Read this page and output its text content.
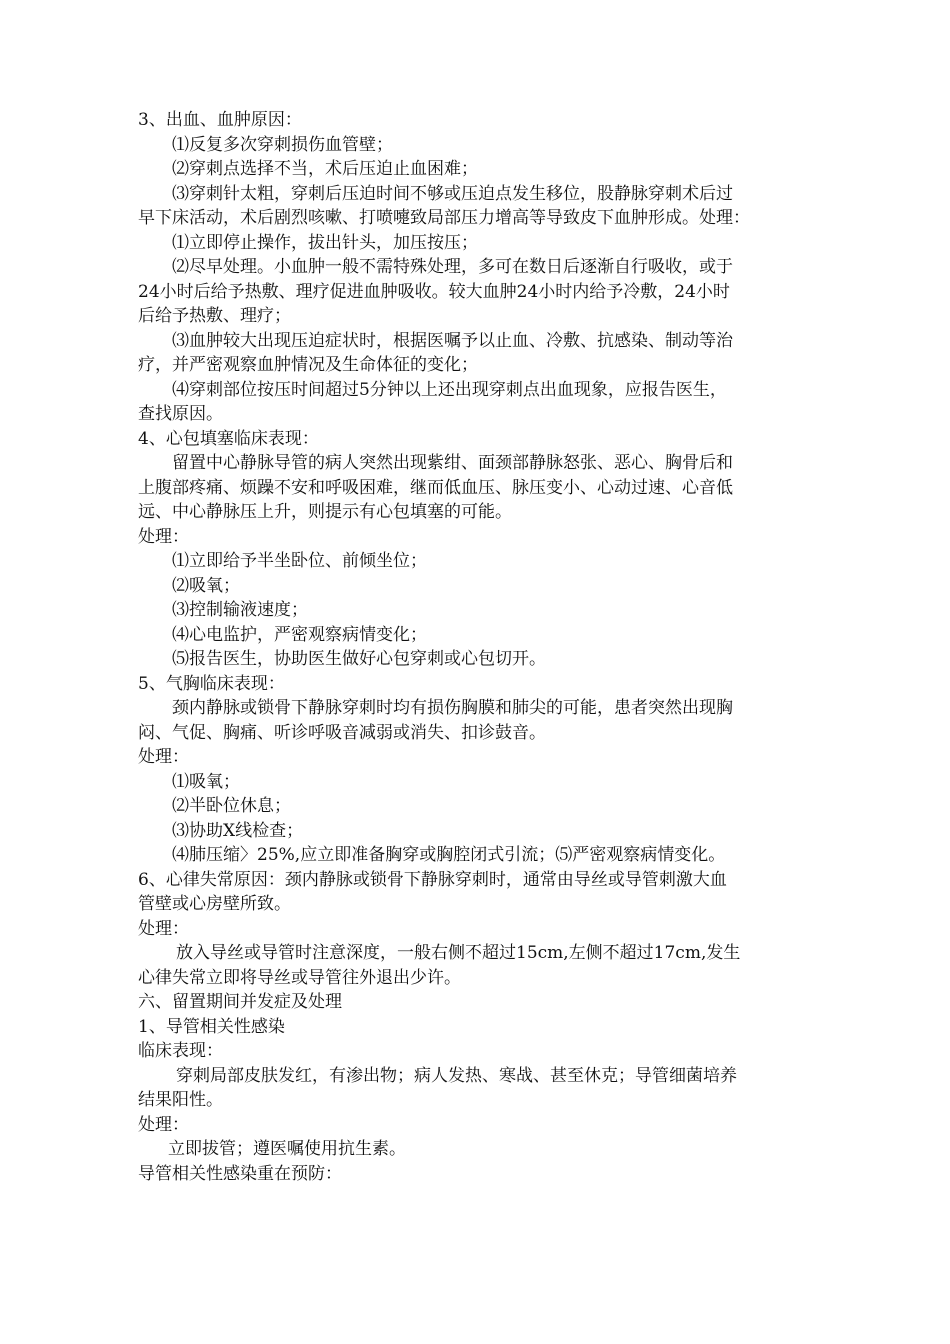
3、出血、血肿原因：
⑴反复多次穿刺损伤血管壁；
⑵穿刺点选择不当，术后压迫止血困难；
⑶穿刺针太粗，穿刺后压迫时间不够或压迫点发生移位，股静脉穿刺术后过
早下床活动，术后剧烈咳嗽、打喷嚏致局部压力增高等导致皮下血肿形成。处理：
⑴立即停止操作，拔出针头，加压按压；
⑵尽早处理。小血肿一般不需特殊处理，多可在数日后逐渐自行吸收，或于
24小时后给予热敷、理疗促进血肿吸收。较大血肿24小时内给予冷敷，24小时
后给予热敷、理疗；
⑶血肿较大出现压迫症状时，根据医嘱予以止血、冷敷、抗感染、制动等治
疗，并严密观察血肿情况及生命体征的变化；
⑷穿刺部位按压时间超过5分钟以上还出现穿刺点出血现象，应报告医生，
查找原因。
4、心包填塞临床表现：
留置中心静脉导管的病人突然出现紫绀、面颈部静脉怒张、恶心、胸骨后和
上腹部疼痛、烦躁不安和呼吸困难，继而低血压、脉压变小、心动过速、心音低
远、中心静脉压上升，则提示有心包填塞的可能。
处理：
⑴立即给予半坐卧位、前倾坐位；
⑵吸氧；
⑶控制输液速度；
⑷心电监护，严密观察病情变化；
⑸报告医生，协助医生做好心包穿刺或心包切开。
5、气胸临床表现：
颈内静脉或锁骨下静脉穿刺时均有损伤胸膜和肺尖的可能，患者突然出现胸
闷、气促、胸痛、听诊呼吸音减弱或消失、扣诊鼓音。
处理：
⑴吸氧；
⑵半卧位休息；
⑶协助X线检查；
⑷肺压缩〉25%,应立即准备胸穿或胸腔闭式引流；⑸严密观察病情变化。
6、心律失常原因：颈内静脉或锁骨下静脉穿刺时，通常由导丝或导管刺激大血
管壁或心房壁所致。
处理：
放入导丝或导管时注意深度，一般右侧不超过15cm,左侧不超过17cm,发生
心律失常立即将导丝或导管往外退出少许。
六、留置期间并发症及处理
1、导管相关性感染
临床表现：
穿刺局部皮肤发红，有渗出物；病人发热、寒战、甚至休克；导管细菌培养
结果阳性。
处理：
立即拔管；遵医嘱使用抗生素。
导管相关性感染重在预防：
